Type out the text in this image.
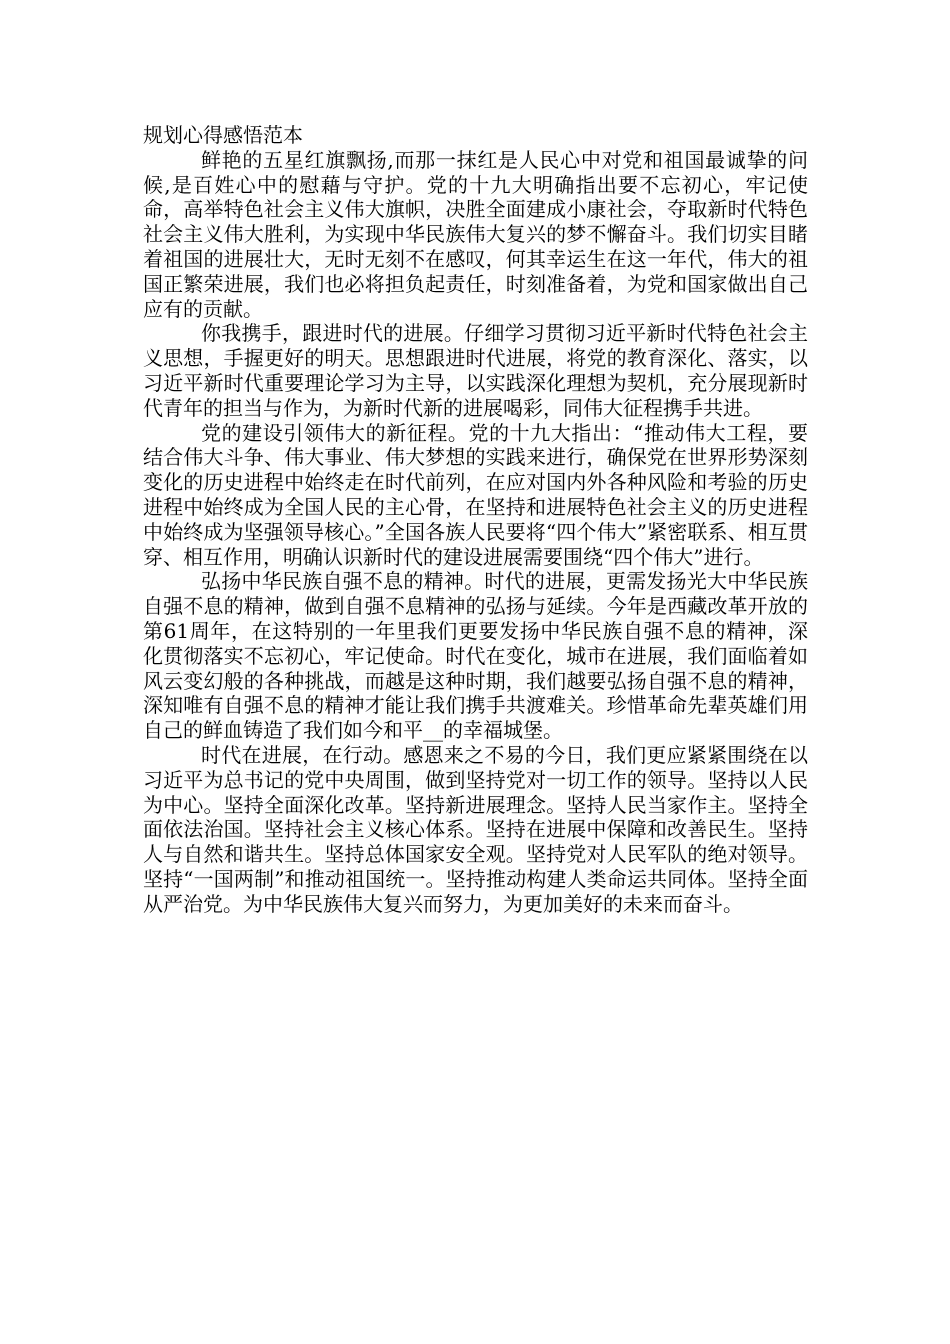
规划心得感悟范本

鲜艳的五星红旗飘扬,而那一抹红是人民心中对党和祖国最诚挚的问候,是百姓心中的慰藉与守护。党的十九大明确指出要不忘初心，牢记使命，高举特色社会主义伟大旗帜，决胜全面建成小康社会，夺取新时代特色社会主义伟大胜利，为实现中华民族伟大复兴的梦不懈奋斗。我们切实目睹着祖国的进展壮大，无时无刻不在感叹，何其幸运生在这一年代，伟大的祖国正繁荣进展，我们也必将担负起责任，时刻准备着，为党和国家做出自己应有的贡献。

你我携手，跟进时代的进展。仔细学习贯彻习近平新时代特色社会主义思想，手握更好的明天。思想跟进时代进展，将党的教育深化、落实，以习近平新时代重要理论学习为主导，以实践深化理想为契机，充分展现新时代青年的担当与作为，为新时代新的进展喝彩，同伟大征程携手共进。

党的建设引领伟大的新征程。党的十九大指出：“推动伟大工程，要结合伟大斗争、伟大事业、伟大梦想的实践来进行，确保党在世界形势深刻变化的历史进程中始终走在时代前列，在应对国内外各种风险和考验的历史进程中始终成为全国人民的主心骨，在坚持和进展特色社会主义的历史进程中始终成为坚强领导核心。”全国各族人民要将“四个伟大”紧密联系、相互贯穿、相互作用，明确认识新时代的建设进展需要围绕“四个伟大”进行。

弘扬中华民族自强不息的精神。时代的进展，更需发扬光大中华民族自强不息的精神，做到自强不息精神的弘扬与延续。今年是西藏改革开放的第61周年，在这特别的一年里我们更要发扬中华民族自强不息的精神，深化贯彻落实不忘初心，牢记使命。时代在变化，城市在进展，我们面临着如风云变幻般的各种挑战，而越是这种时期，我们越要弘扬自强不息的精神，深知唯有自强不息的精神才能让我们携手共渡难关。珍惜革命先辈英雄们用自己的鲜血铸造了我们如今和平__的幸福城堡。

时代在进展，在行动。感恩来之不易的今日，我们更应紧紧围绕在以习近平为总书记的党中央周围，做到坚持党对一切工作的领导。坚持以人民为中心。坚持全面深化改革。坚持新进展理念。坚持人民当家作主。坚持全面依法治国。坚持社会主义核心体系。坚持在进展中保障和改善民生。坚持人与自然和谐共生。坚持总体国家安全观。坚持党对人民军队的绝对领导。坚持“一国两制”和推动祖国统一。坚持推动构建人类命运共同体。坚持全面从严治党。为中华民族伟大复兴而努力，为更加美好的未来而奋斗。
